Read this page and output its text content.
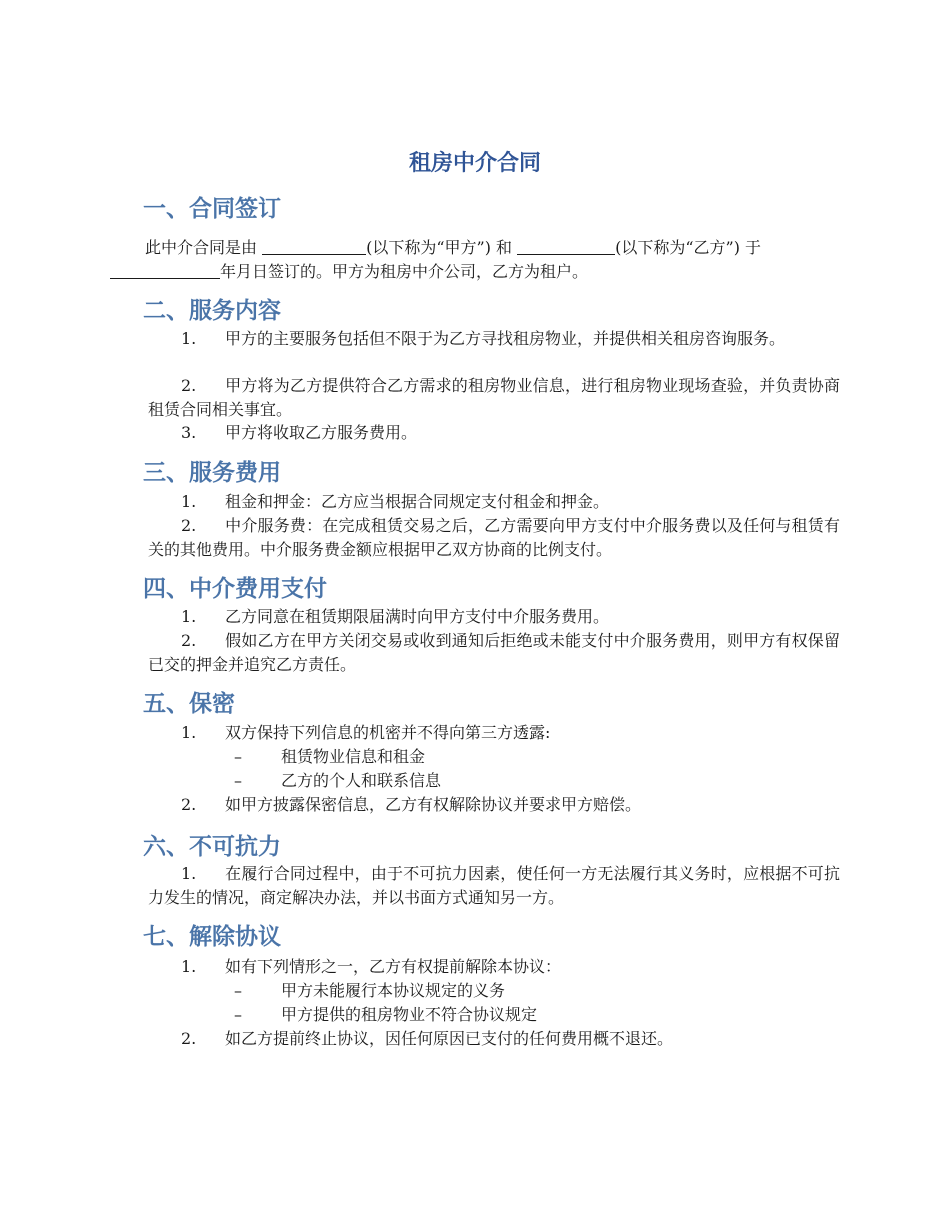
租房中介合同
一、合同签订

此中介合同是由	(以下称为“甲方”) 和	(以下称为“乙方”) 于
年月日签订的。甲方为租房中介公司，乙方为租户。

二、服务内容

1. 甲方的主要服务包括但不限于为乙方寻找租房物业，并提供相关租房咨询服务。

2. 甲方将为乙方提供符合乙方需求的租房物业信息，进行租房物业现场查验，并负责协商租赁合同相关事宜。

3. 甲方将收取乙方服务费用。

三、服务费用

1. 租金和押金：乙方应当根据合同规定支付租金和押金。

2. 中介服务费：在完成租赁交易之后，乙方需要向甲方支付中介服务费以及任何与租赁有关的其他费用。中介服务费金额应根据甲乙双方协商的比例支付。

四、中介费用支付

1. 乙方同意在租赁期限届满时向甲方支付中介服务费用。

2. 假如乙方在甲方关闭交易或收到通知后拒绝或未能支付中介服务费用，则甲方有权保留已交的押金并追究乙方责任。

五、保密

1. 双方保持下列信息的机密并不得向第三方透露:

– 租赁物业信息和租金

– 乙方的个人和联系信息

2. 如甲方披露保密信息，乙方有权解除协议并要求甲方赔偿。

六、不可抗力

1. 在履行合同过程中，由于不可抗力因素，使任何一方无法履行其义务时，应根据不可抗力发生的情况，商定解决办法，并以书面方式通知另一方。

七、解除协议

1. 如有下列情形之一，乙方有权提前解除本协议：

– 甲方未能履行本协议规定的义务

– 甲方提供的租房物业不符合协议规定

2. 如乙方提前终止协议，因任何原因已支付的任何费用概不退还。
